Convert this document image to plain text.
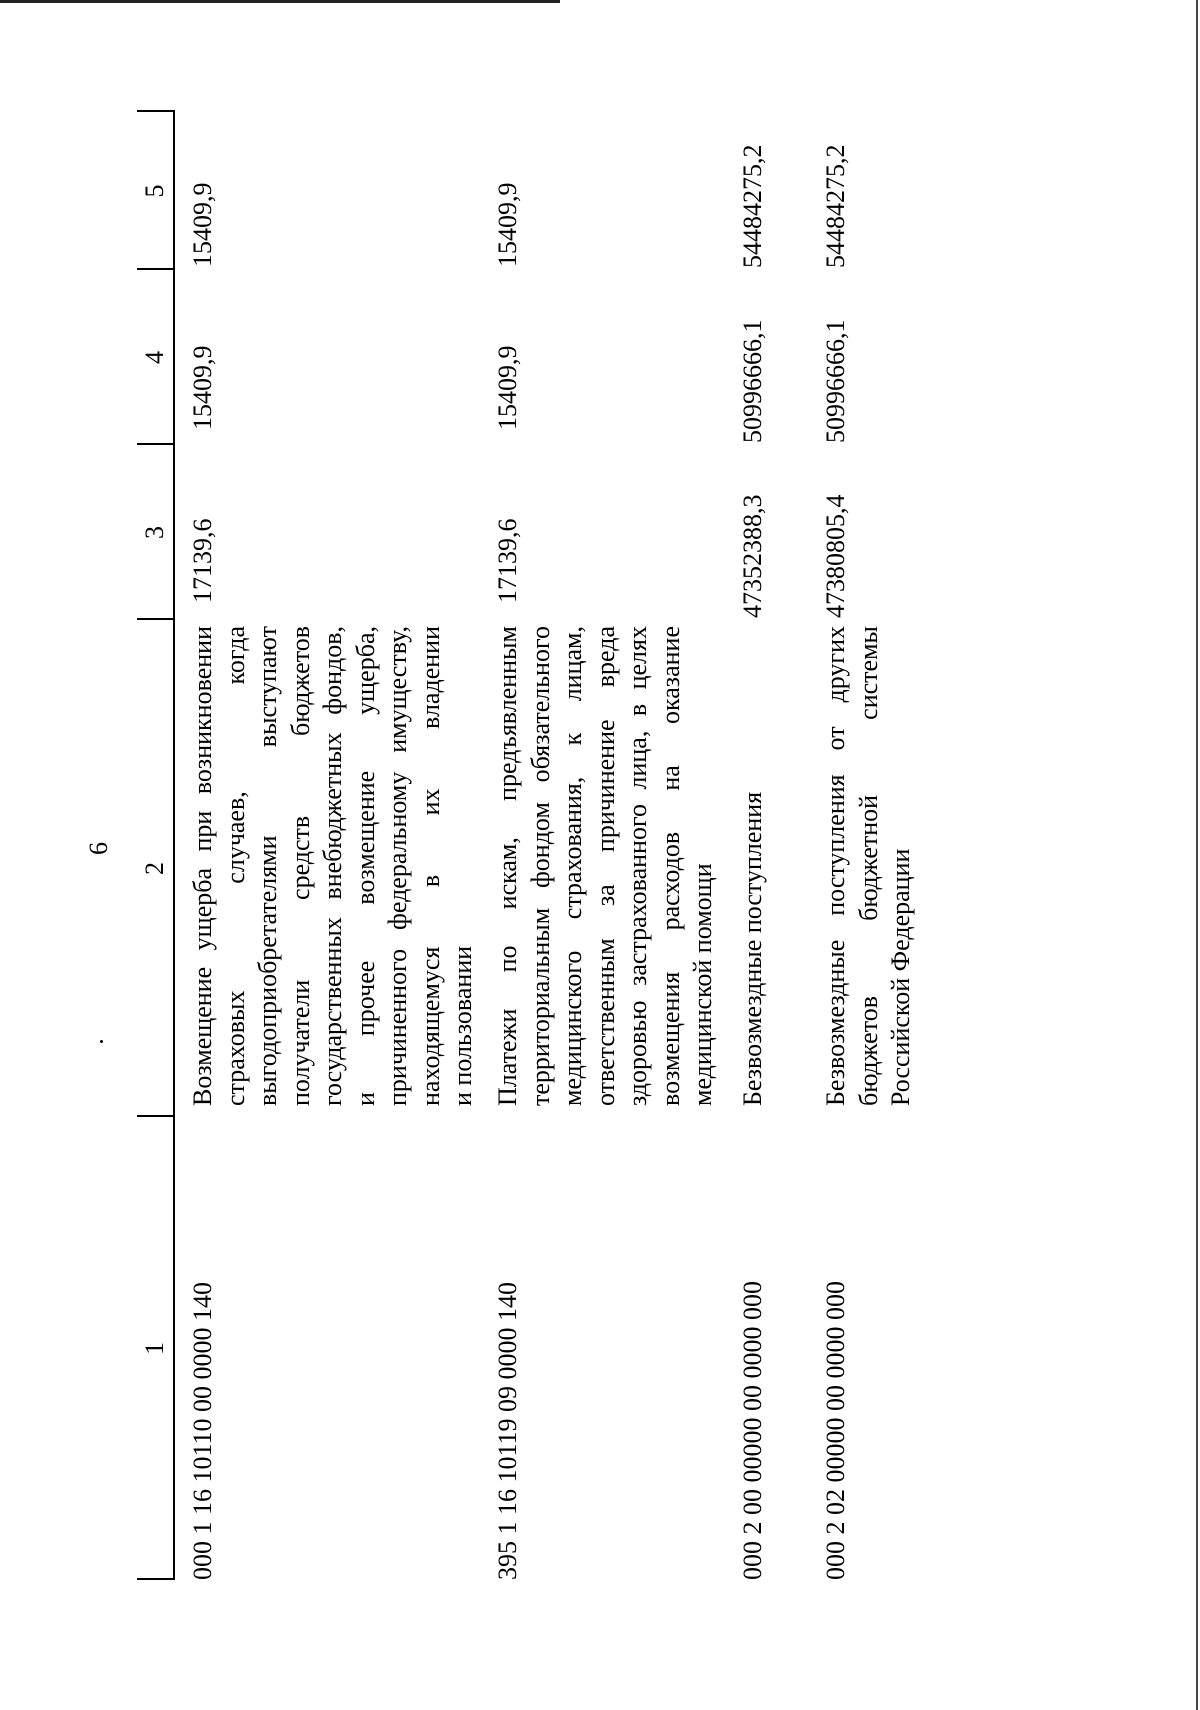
6
1
2
3
4
5
000 1 16 10110 00 0000 140
Возмещение ущерба при возникновении страховых случаев, когда выгодоприобретателями выступают получатели средств бюджетов государственных внебюджетных фондов, и прочее возмещение ущерба, причиненного федеральному имуществу, находящемуся в их владении и пользовании
17139,6
15409,9
15409,9
395 1 16 10119 09 0000 140
Платежи по искам, предъявленным территориальным фондом обязательного медицинского страхования, к лицам, ответственным за причинение вреда здоровью застрахованного лица, в целях возмещения расходов на оказание медицинской помощи
17139,6
15409,9
15409,9
000 2 00 00000 00 0000 000
Безвозмездные поступления
47352388,3
50996666,1
54484275,2
000 2 02 00000 00 0000 000
Безвозмездные поступления от других бюджетов бюджетной системы Российской Федерации
47380805,4
50996666,1
54484275,2
